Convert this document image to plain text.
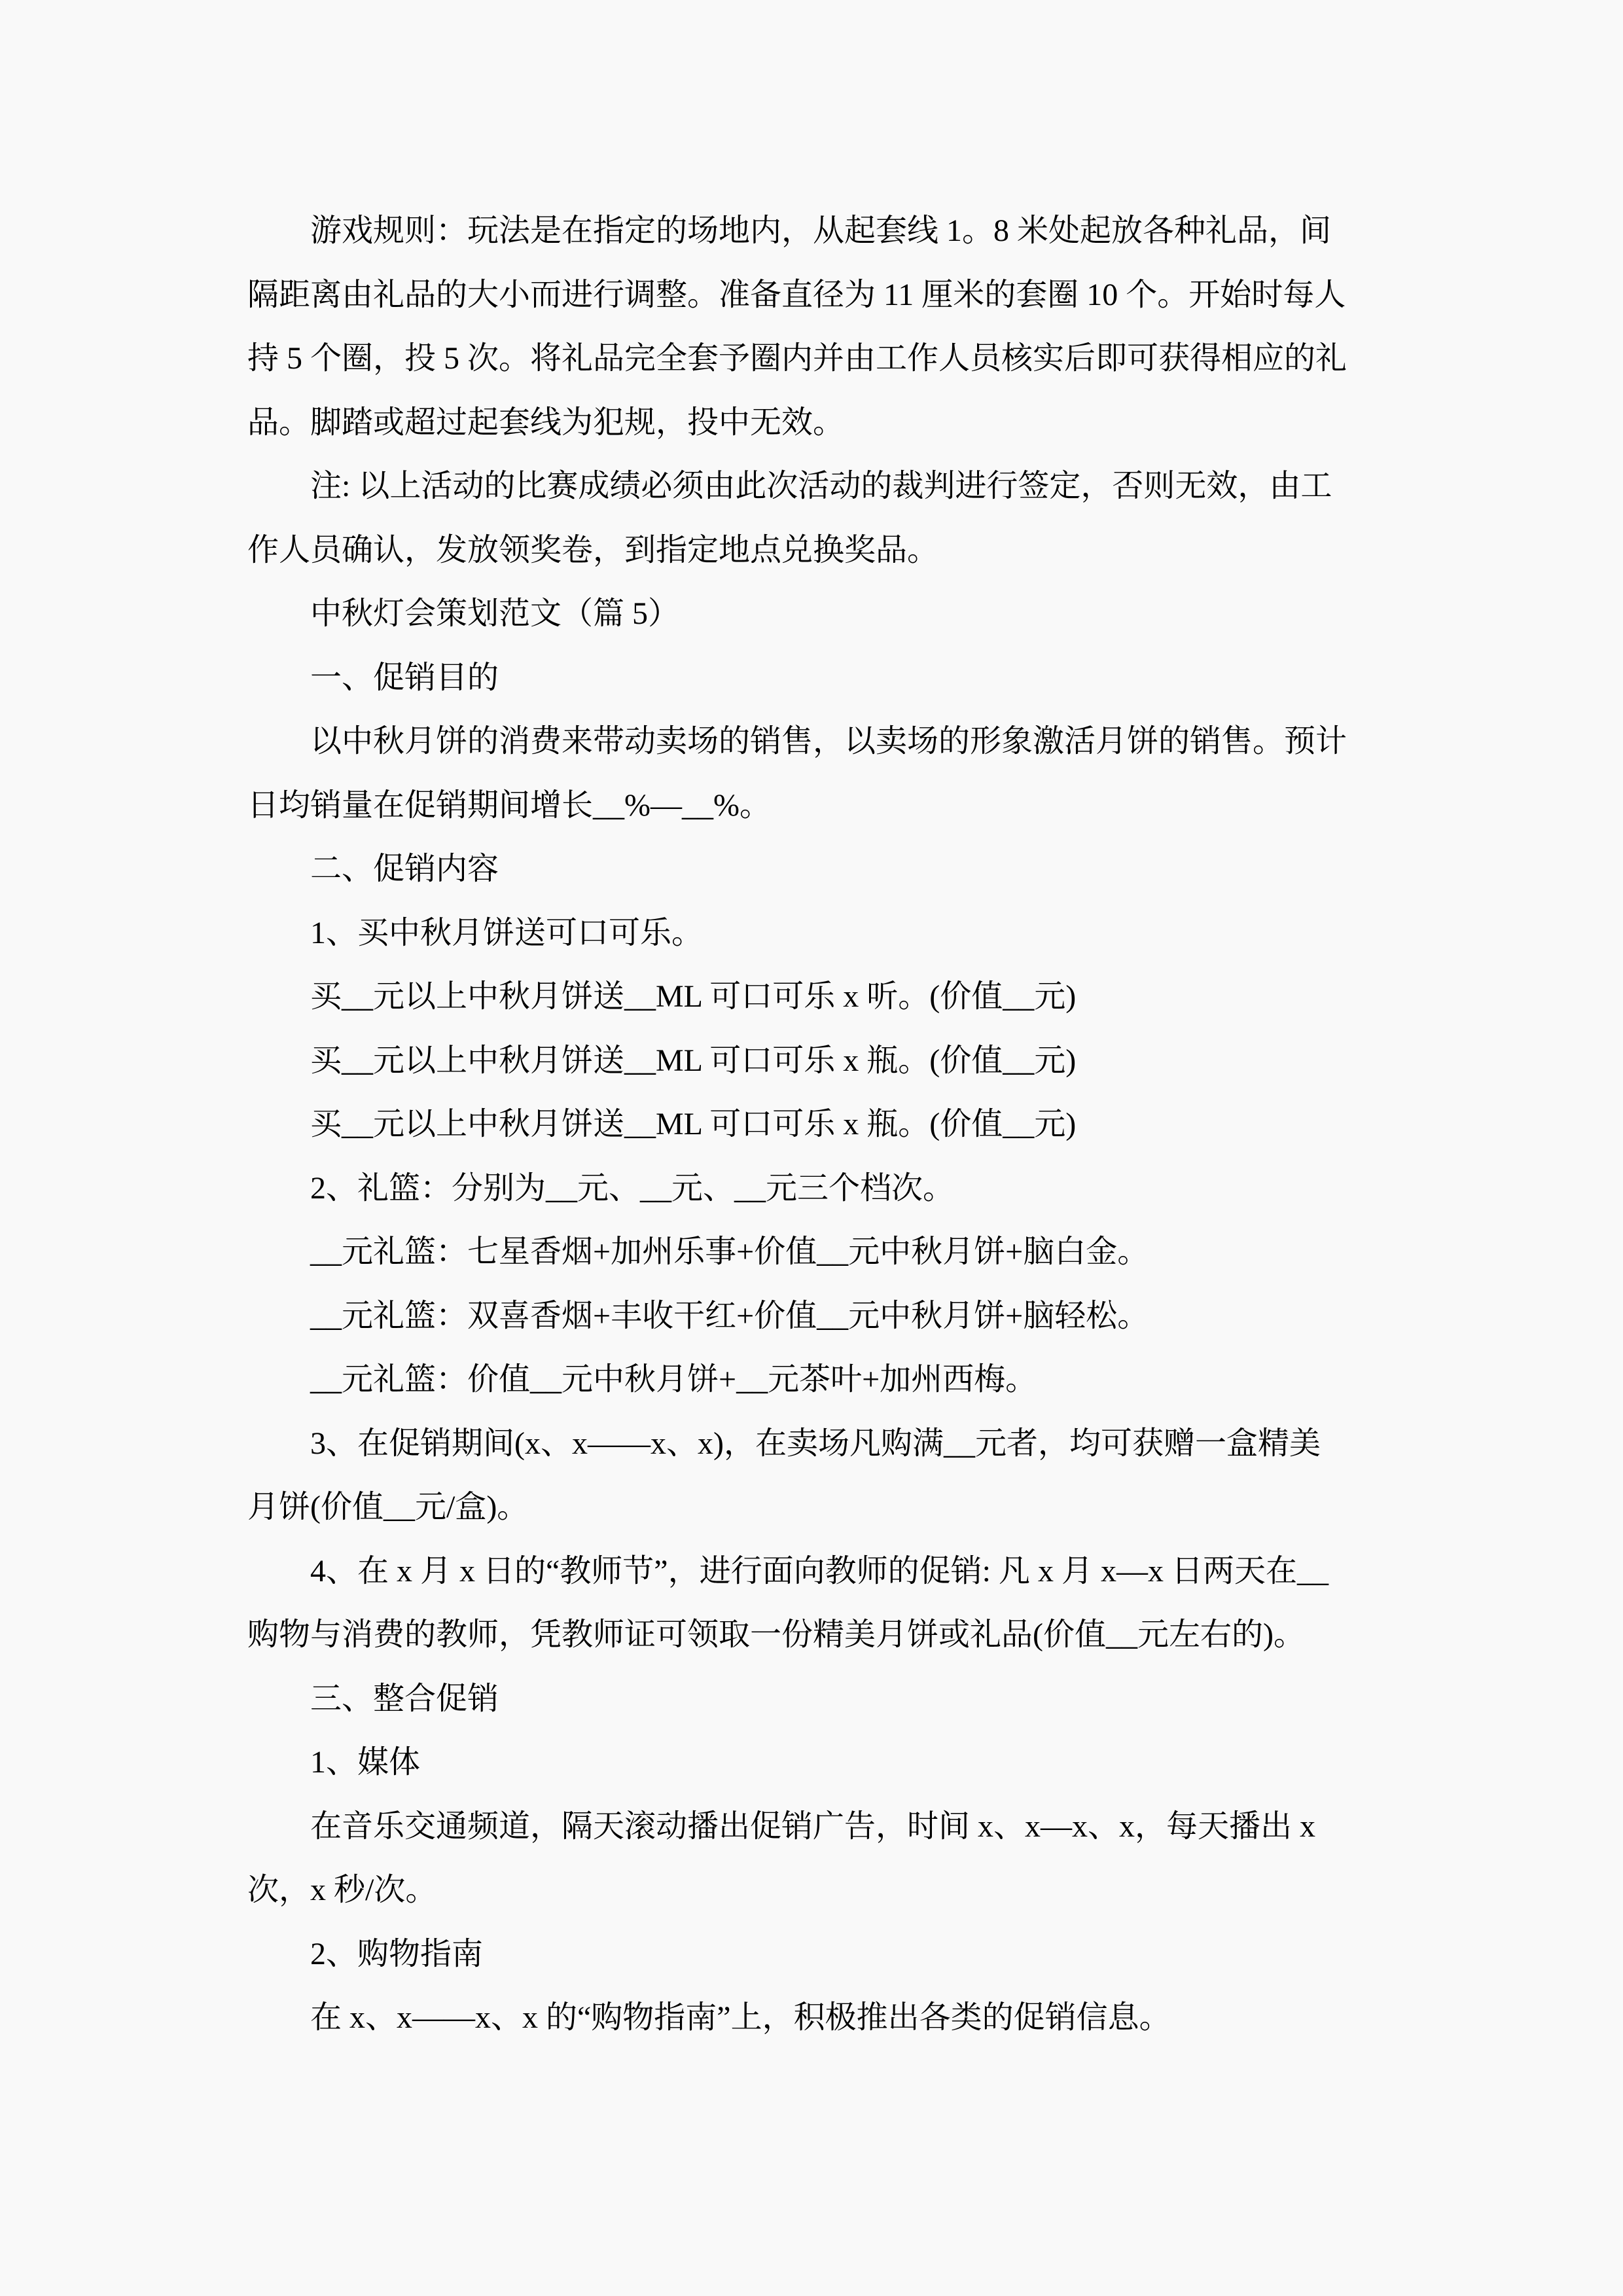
游戏规则：玩法是在指定的场地内，从起套线 1。8 米处起放各种礼品，间

隔距离由礼品的大小而进行调整。准备直径为 11 厘米的套圈 10 个。开始时每人

持 5 个圈，投 5 次。将礼品完全套予圈内并由工作人员核实后即可获得相应的礼

品。脚踏或超过起套线为犯规，投中无效。

注: 以上活动的比赛成绩必须由此次活动的裁判进行签定，否则无效，由工

作人员确认，发放领奖卷，到指定地点兑换奖品。

中秋灯会策划范文（篇 5）

一、促销目的

以中秋月饼的消费来带动卖场的销售，以卖场的形象激活月饼的销售。预计

日均销量在促销期间增长__%—__%。

二、促销内容

1、买中秋月饼送可口可乐。

买__元以上中秋月饼送__ML 可口可乐 x 听。(价值__元)

买__元以上中秋月饼送__ML 可口可乐 x 瓶。(价值__元)

买__元以上中秋月饼送__ML 可口可乐 x 瓶。(价值__元)

2、礼篮：分别为__元、__元、__元三个档次。

__元礼篮：七星香烟+加州乐事+价值__元中秋月饼+脑白金。

__元礼篮：双喜香烟+丰收干红+价值__元中秋月饼+脑轻松。

__元礼篮：价值__元中秋月饼+__元茶叶+加州西梅。

3、在促销期间(x、x——x、x)，在卖场凡购满__元者，均可获赠一盒精美

月饼(价值__元/盒)。

4、在 x 月 x 日的“教师节”，进行面向教师的促销: 凡 x 月 x—x 日两天在__

购物与消费的教师，凭教师证可领取一份精美月饼或礼品(价值__元左右的)。

三、整合促销

1、媒体

在音乐交通频道，隔天滚动播出促销广告，时间 x、x—x、x，每天播出 x

次，x 秒/次。

2、购物指南

在 x、x——x、x 的“购物指南”上，积极推出各类的促销信息。
